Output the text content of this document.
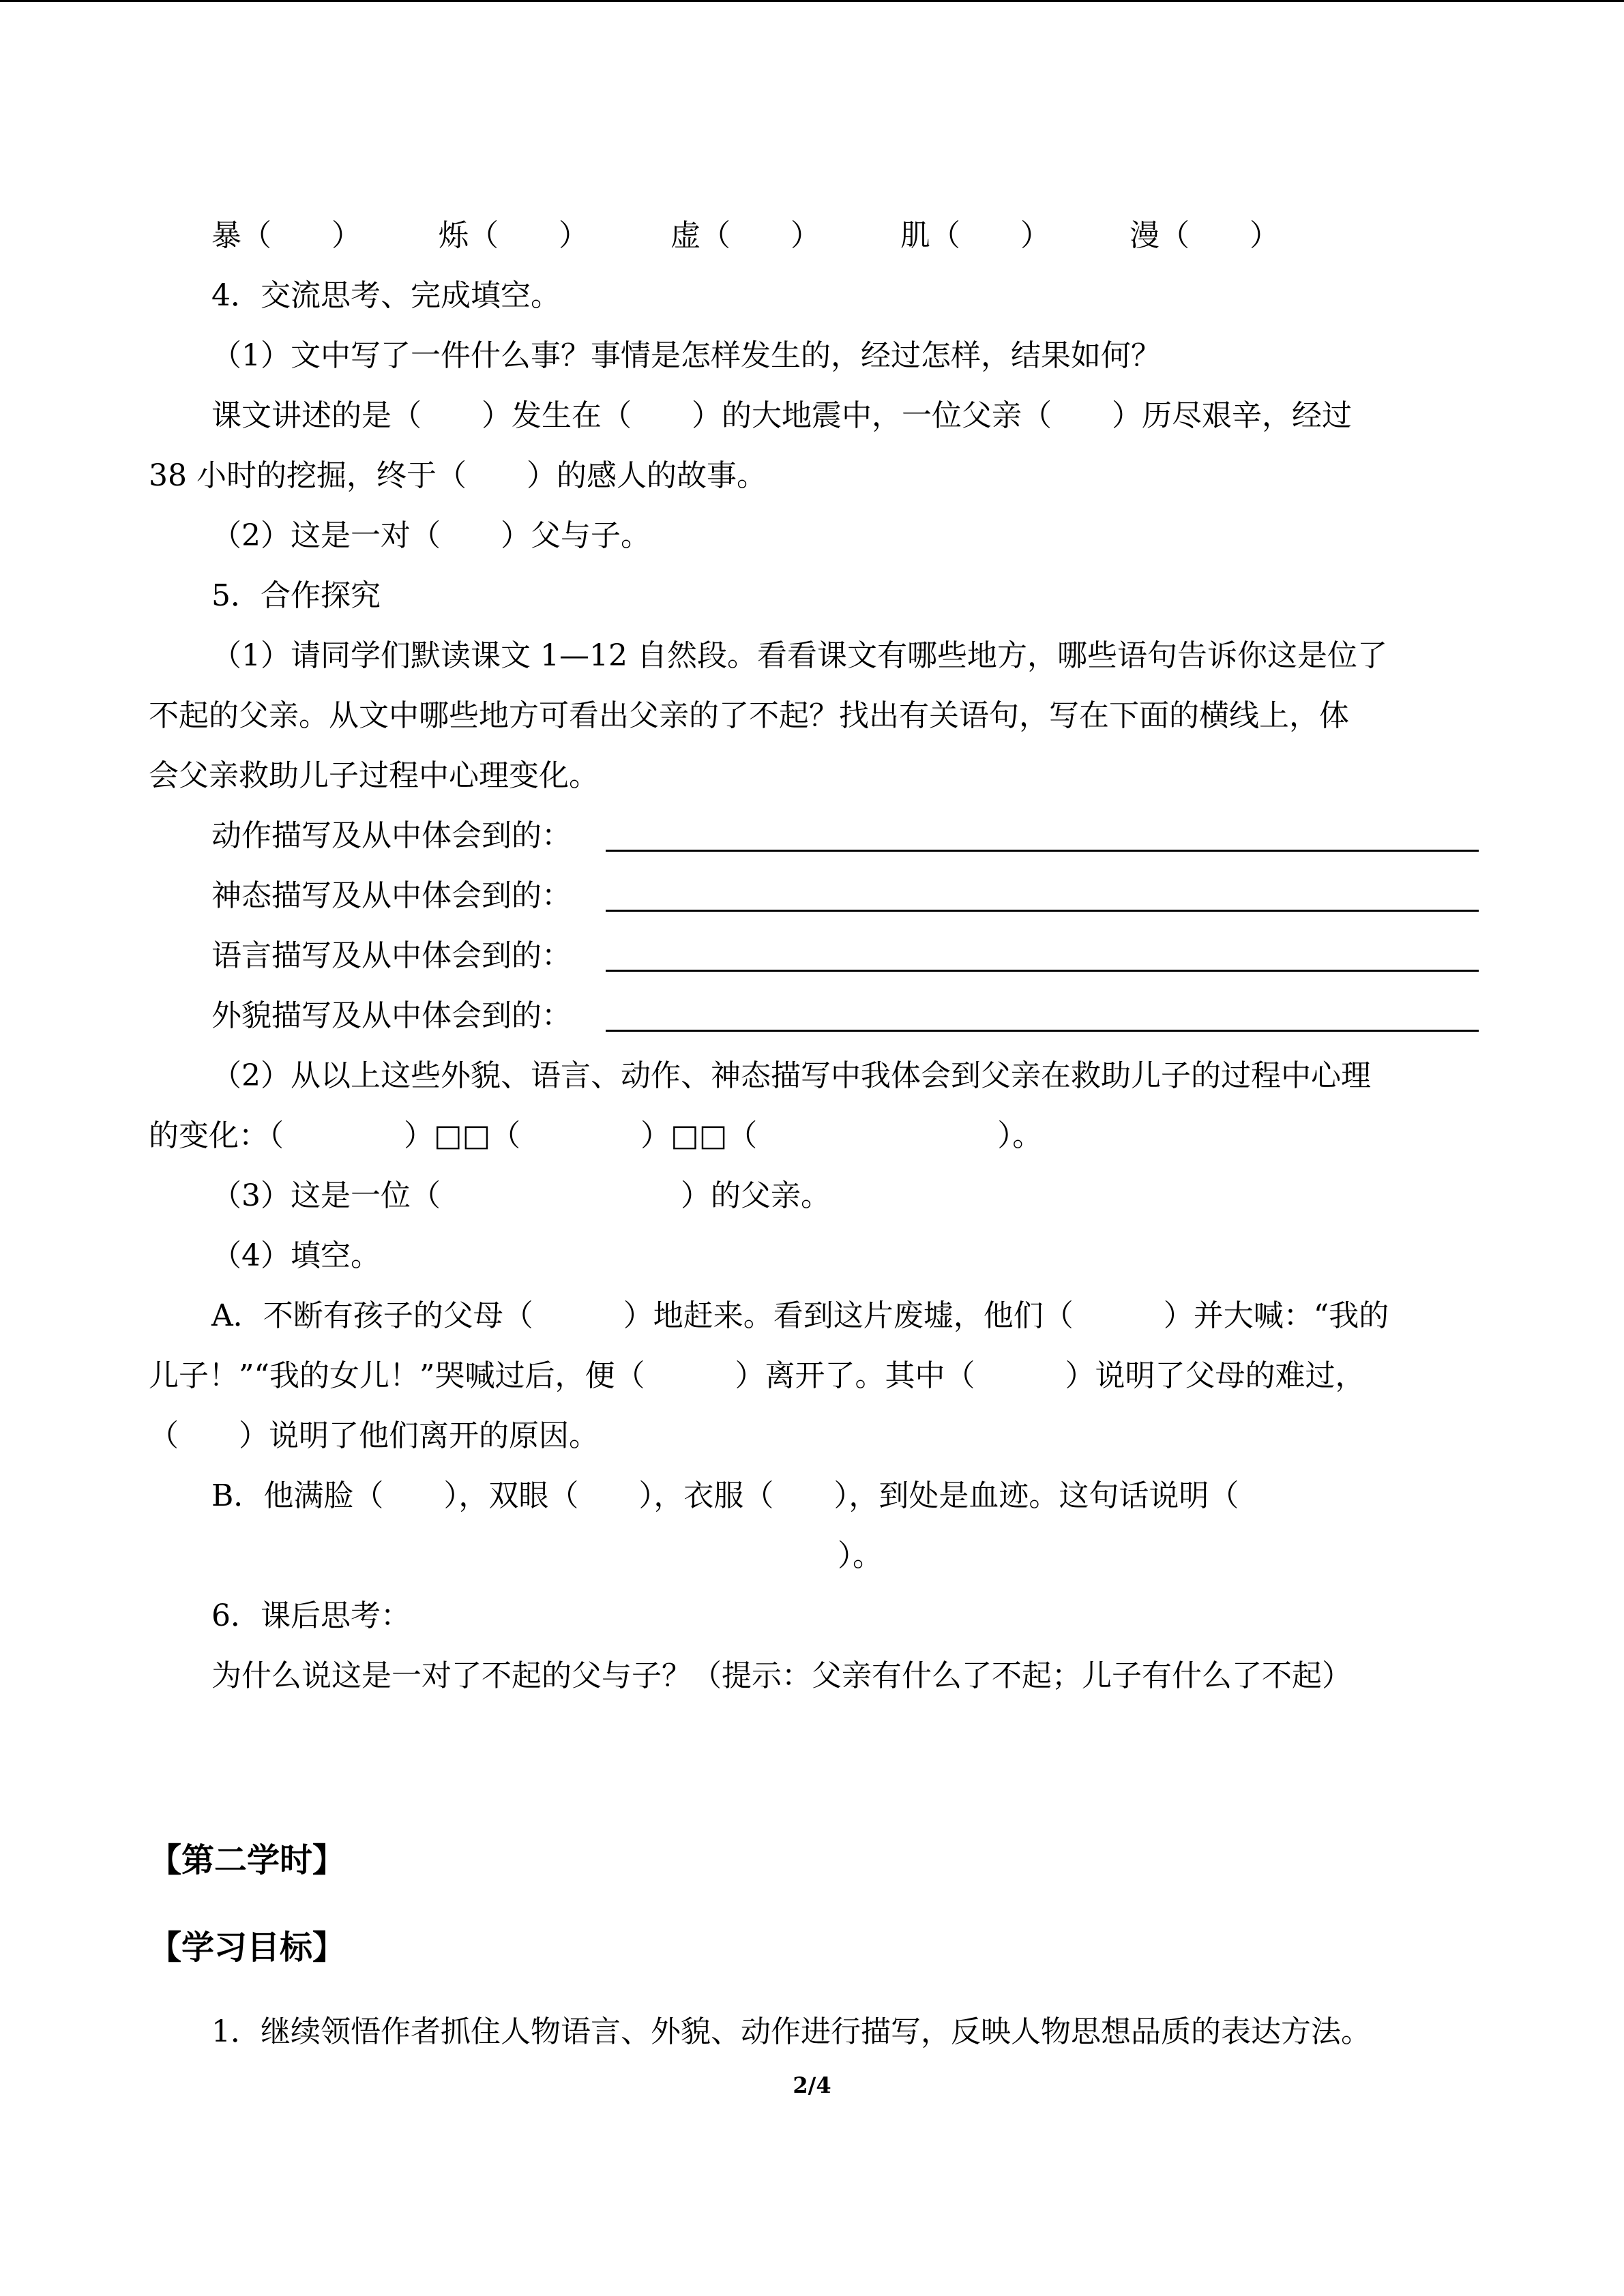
暴（　　）	烁（　　）	虚（　　）	肌（　　）	漫（　　）
4．交流思考、完成填空。
（1）文中写了一件什么事？事情是怎样发生的，经过怎样，结果如何？
课文讲述的是（　　）发生在（　　）的大地震中，一位父亲（　　）历尽艰辛，经过
38 小时的挖掘，终于（　　）的感人的故事。
（2）这是一对（　　）父与子。
5．合作探究
（1）请同学们默读课文 1—12 自然段。看看课文有哪些地方，哪些语句告诉你这是位了
不起的父亲。从文中哪些地方可看出父亲的了不起？找出有关语句，写在下面的横线上，体
会父亲救助儿子过程中心理变化。
动作描写及从中体会到的：
神态描写及从中体会到的：
语言描写及从中体会到的：
外貌描写及从中体会到的：
（2）从以上这些外貌、语言、动作、神态描写中我体会到父亲在救助儿子的过程中心理
的变化：（　　　　）□□（　　　　）□□（　　　　　　　　）。
（3）这是一位（　　　　　　　　）的父亲。
（4）填空。
A．不断有孩子的父母（　　　）地赶来。看到这片废墟，他们（　　　）并大喊：“我的
儿子！”“我的女儿！”哭喊过后，便（　　　）离开了。其中（　　　）说明了父母的难过，
（　　）说明了他们离开的原因。
B．他满脸（　　），双眼（　　），衣服（　　），到处是血迹。这句话说明（
）。
6．课后思考：
为什么说这是一对了不起的父与子？（提示：父亲有什么了不起；儿子有什么了不起）
【第二学时】
【学习目标】
1．继续领悟作者抓住人物语言、外貌、动作进行描写，反映人物思想品质的表达方法。
2/4
